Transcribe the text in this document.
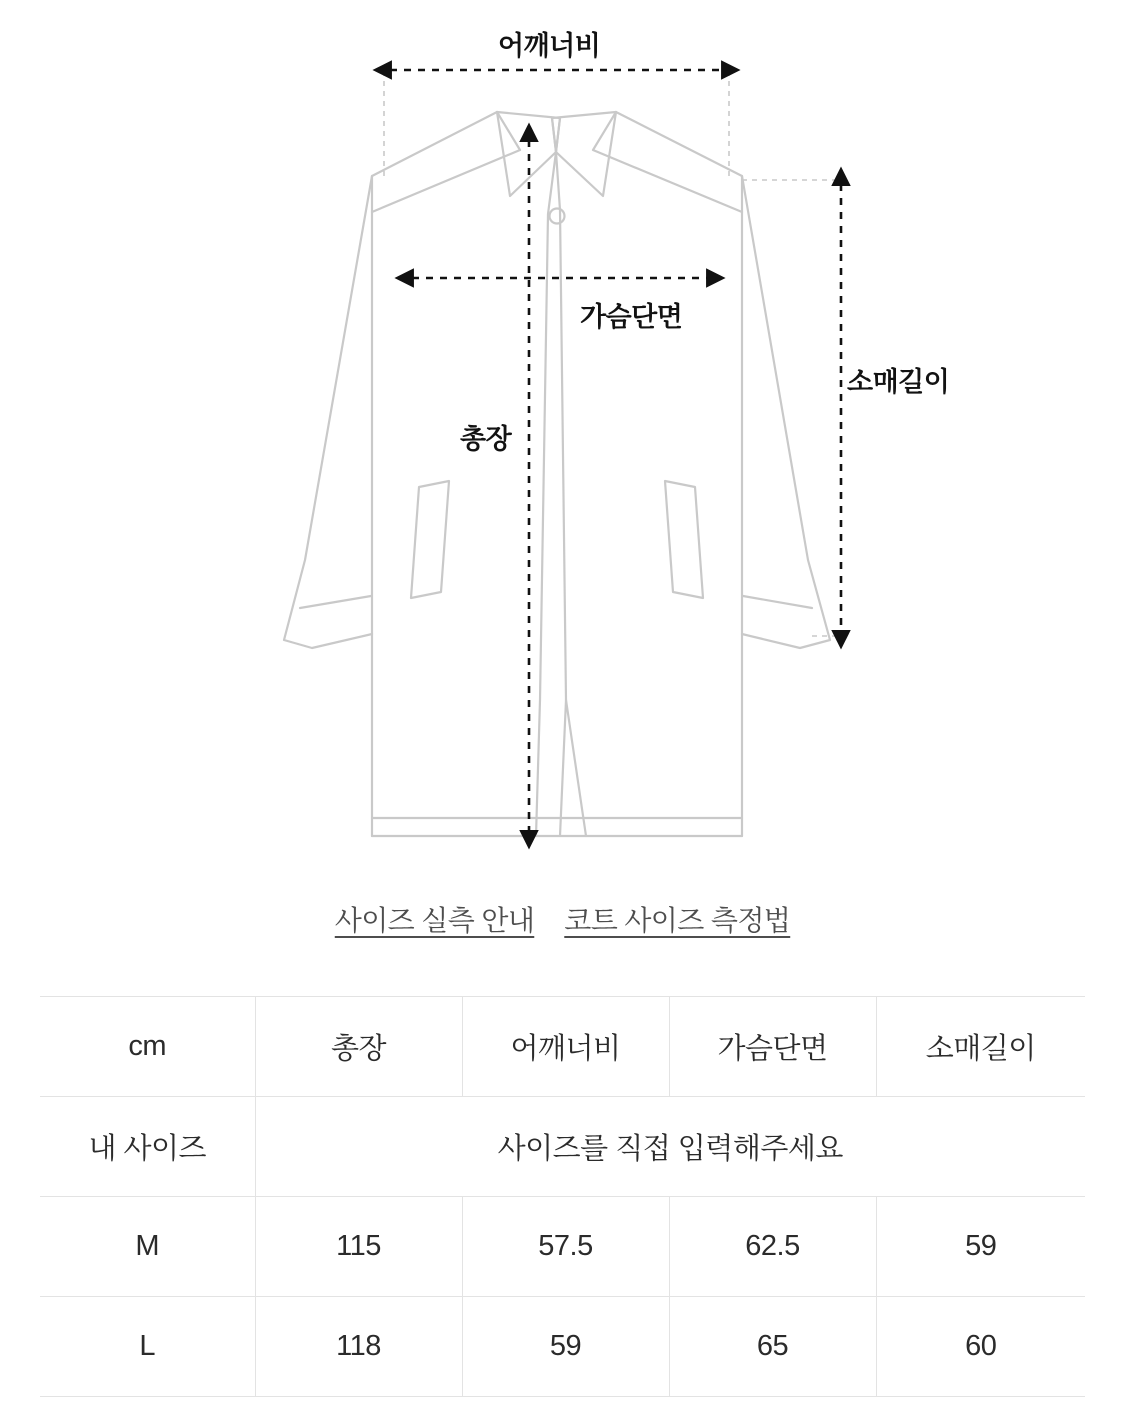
어깨너비
가슴단면
총장
소매길이
사이즈 실측 안내 코트 사이즈 측정법
cm	총장	어깨너비	가슴단면	소매길이
내 사이즈	사이즈를 직접 입력해주세요			
M	115	57.5	62.5	59
L	118	59	65	60
